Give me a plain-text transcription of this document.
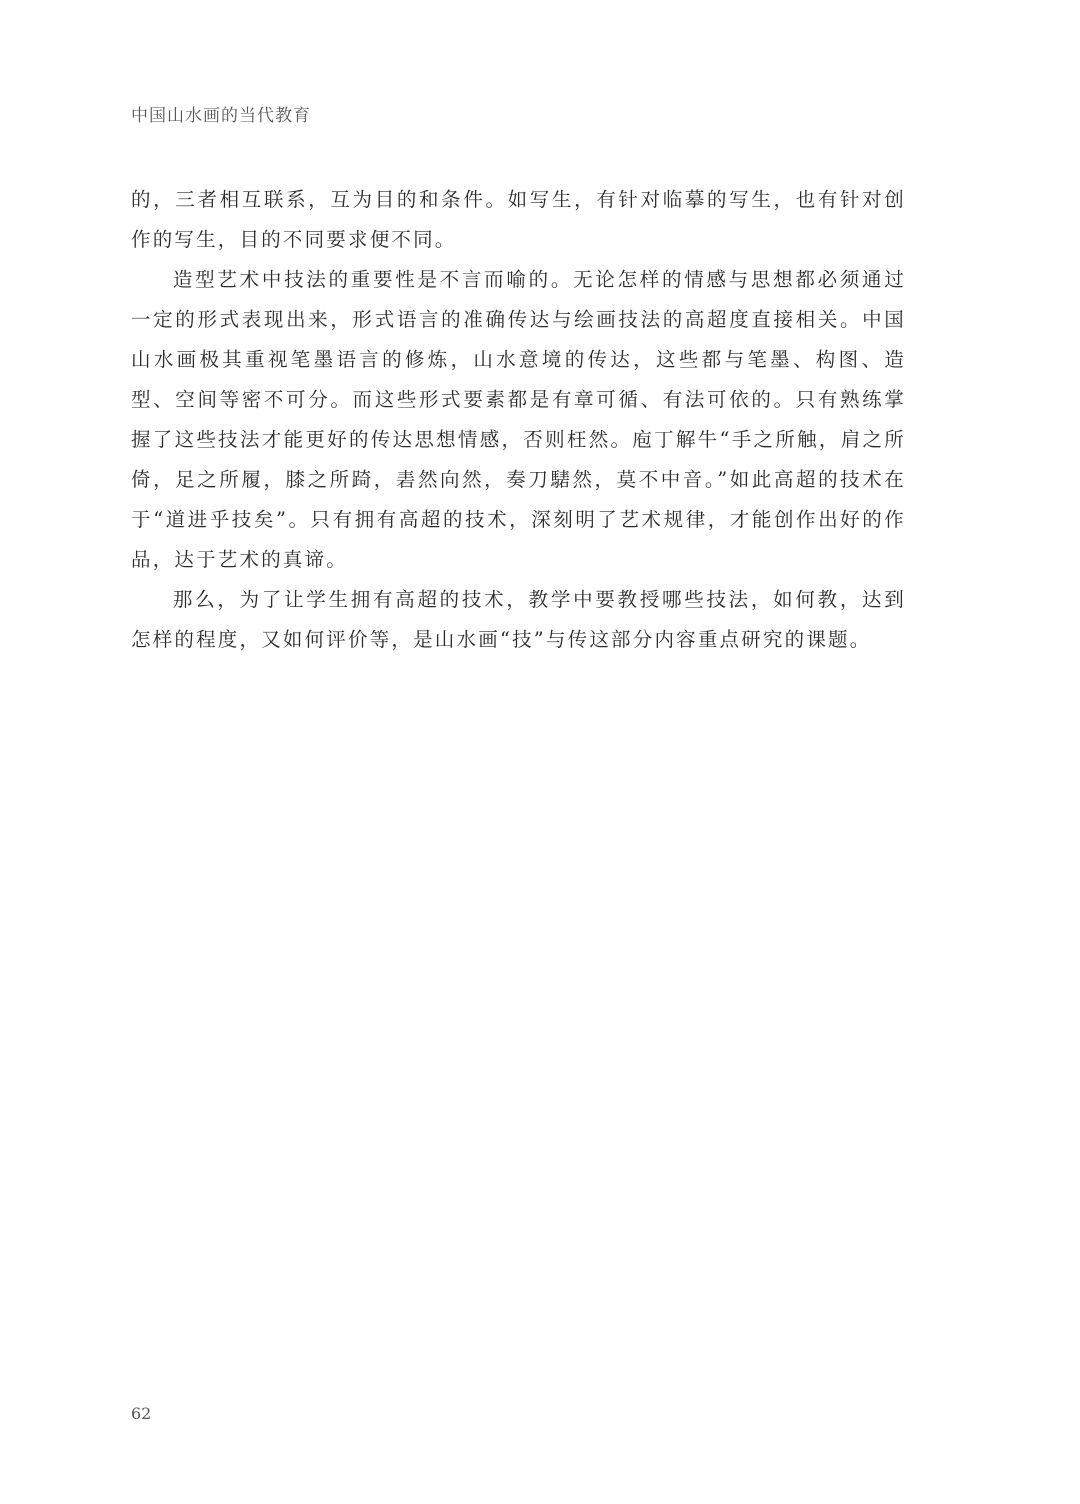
中国山水画的当代教育

的，三者相互联系，互为目的和条件。如写生，有针对临摹的写生，也有针对创作的写生，目的不同要求便不同。

造型艺术中技法的重要性是不言而喻的。无论怎样的情感与思想都必须通过一定的形式表现出来，形式语言的准确传达与绘画技法的高超度直接相关。中国山水画极其重视笔墨语言的修炼，山水意境的传达，这些都与笔墨、构图、造型、空间等密不可分。而这些形式要素都是有章可循、有法可依的。只有熟练掌握了这些技法才能更好的传达思想情感，否则枉然。庖丁解牛“手之所触，肩之所倚，足之所履，膝之所踦，砉然向然，奏刀騞然，莫不中音。”如此高超的技术在于“道进乎技矣”。只有拥有高超的技术，深刻明了艺术规律，才能创作出好的作品，达于艺术的真谛。

那么，为了让学生拥有高超的技术，教学中要教授哪些技法，如何教，达到怎样的程度，又如何评价等，是山水画“技”与传这部分内容重点研究的课题。

62
